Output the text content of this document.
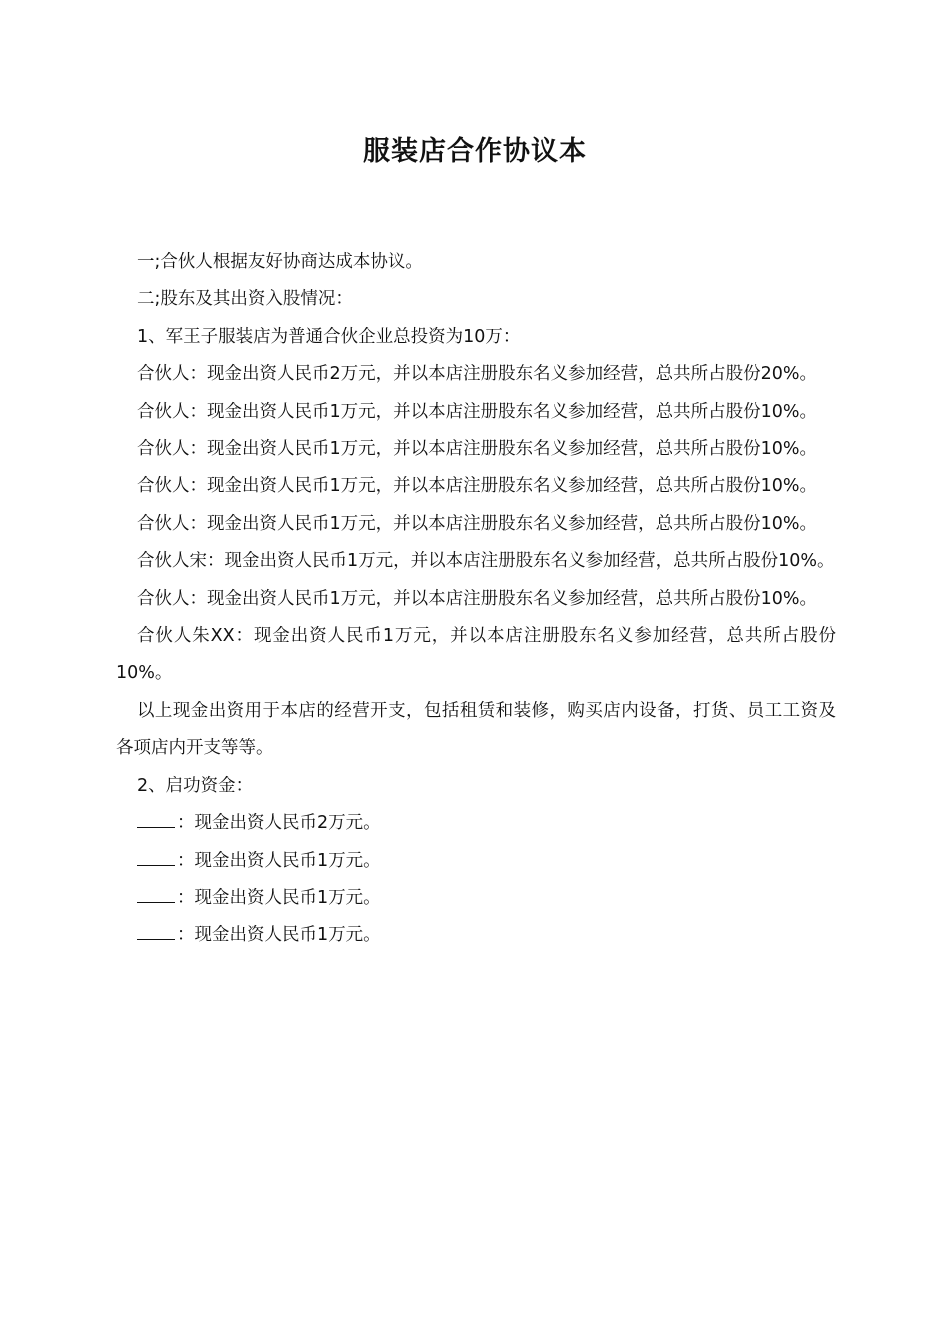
服装店合作协议本

一;合伙人根据友好协商达成本协议。

二;股东及其出资入股情况：

1、军王子服装店为普通合伙企业总投资为10万：

合伙人：现金出资人民币2万元，并以本店注册股东名义参加经营，总共所占股份20%。

合伙人：现金出资人民币1万元，并以本店注册股东名义参加经营，总共所占股份10%。

合伙人：现金出资人民币1万元，并以本店注册股东名义参加经营，总共所占股份10%。

合伙人：现金出资人民币1万元，并以本店注册股东名义参加经营，总共所占股份10%。

合伙人：现金出资人民币1万元，并以本店注册股东名义参加经营，总共所占股份10%。

合伙人宋：现金出资人民币1万元，并以本店注册股东名义参加经营，总共所占股份10%。

合伙人：现金出资人民币1万元，并以本店注册股东名义参加经营，总共所占股份10%。

合伙人朱XX：现金出资人民币1万元，并以本店注册股东名义参加经营，总共所占股份10%。

以上现金出资用于本店的经营开支，包括租赁和装修，购买店内设备，打货、员工工资及各项店内开支等等。

2、启功资金：

：现金出资人民币2万元。

：现金出资人民币1万元。

：现金出资人民币1万元。

：现金出资人民币1万元。
